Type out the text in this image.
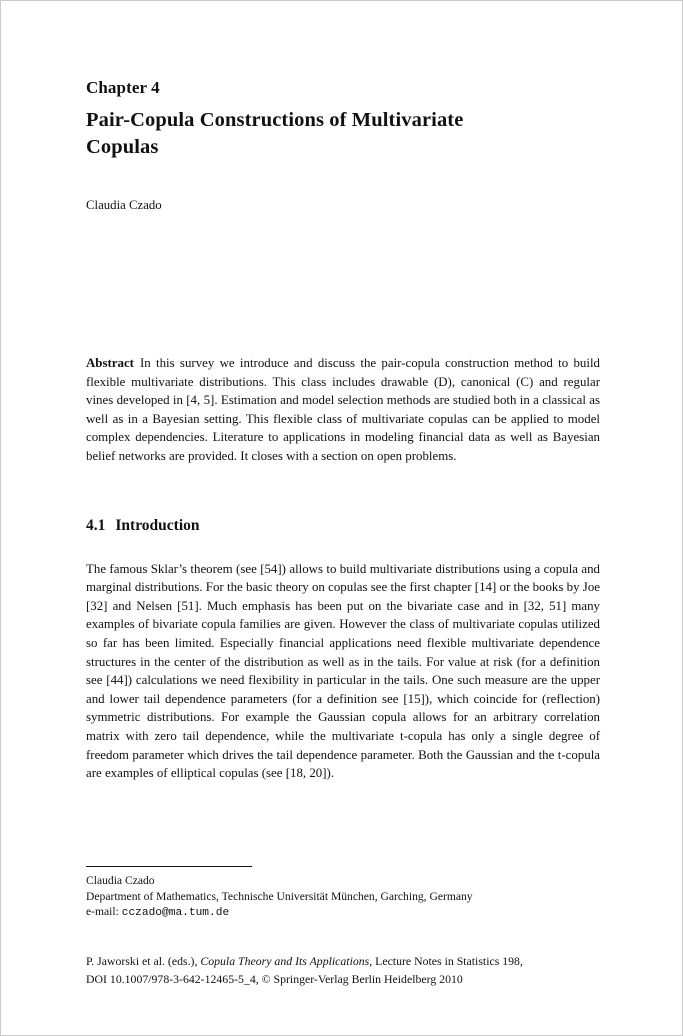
Chapter 4
Pair-Copula Constructions of Multivariate
Copulas
Claudia Czado

Abstract In this survey we introduce and discuss the pair-copula construction method to build flexible multivariate distributions. This class includes drawable (D), canonical (C) and regular vines developed in [4, 5]. Estimation and model selection methods are studied both in a classical as well as in a Bayesian setting. This flexible class of multivariate copulas can be applied to model complex dependencies. Literature to applications in modeling financial data as well as Bayesian belief networks are provided. It closes with a section on open problems.

4.1 Introduction

The famous Sklar’s theorem (see [54]) allows to build multivariate distributions using a copula and marginal distributions. For the basic theory on copulas see the first chapter [14] or the books by Joe [32] and Nelsen [51]. Much emphasis has been put on the bivariate case and in [32, 51] many examples of bivariate copula families are given. However the class of multivariate copulas utilized so far has been limited. Especially financial applications need flexible multivariate dependence structures in the center of the distribution as well as in the tails. For value at risk (for a definition see [44]) calculations we need flexibility in particular in the tails. One such measure are the upper and lower tail dependence parameters (for a definition see [15]), which coincide for (reflection) symmetric distributions. For example the Gaussian copula allows for an arbitrary correlation matrix with zero tail dependence, while the multivariate t-copula has only a single degree of freedom parameter which drives the tail dependence parameter. Both the Gaussian and the t-copula are examples of elliptical copulas (see [18, 20]).

Claudia Czado
Department of Mathematics, Technische Universität München, Garching, Germany
e-mail: cczado@ma.tum.de
P. Jaworski et al. (eds.), Copula Theory and Its Applications, Lecture Notes in Statistics 198,
DOI 10.1007/978-3-642-12465-5_4, © Springer-Verlag Berlin Heidelberg 2010
